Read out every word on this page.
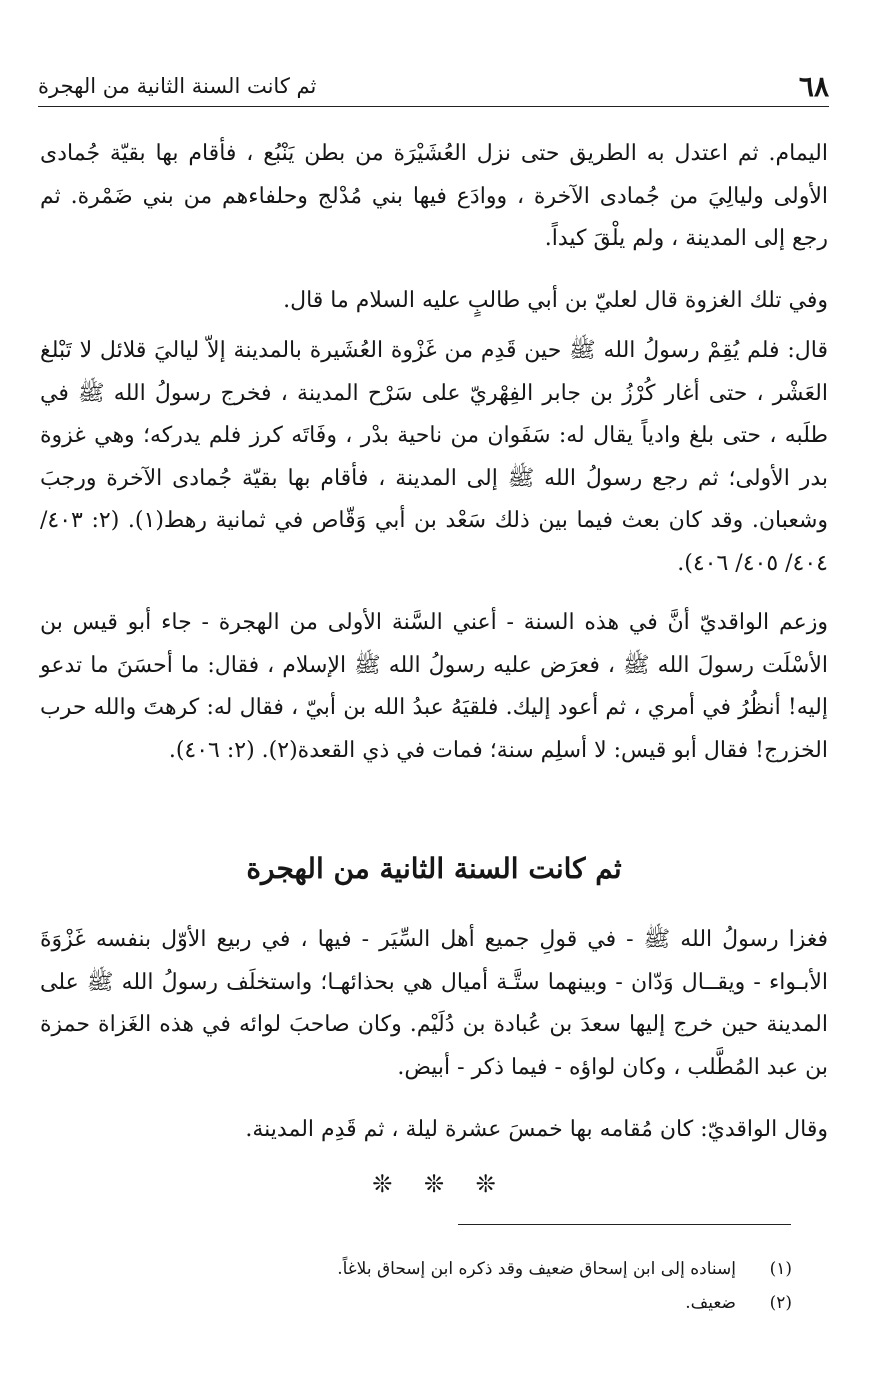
٦٨
ثم كانت السنة الثانية من الهجرة
اليمام. ثم اعتدل به الطريق حتى نزل العُشَيْرَة من بطن يَنْبُع ، فأقام بها بقيّة جُمادى الأولى وليالِيَ من جُمادى الآخرة ، ووادَع فيها بني مُدْلج وحلفاءهم من بني ضَمْرة. ثم رجع إلى المدينة ، ولم يلْقَ كيداً.
وفي تلك الغزوة قال لعليّ بن أبي طالبٍ عليه السلام ما قال.
قال: فلم يُقِمْ رسولُ الله ﷺ حين قَدِم من غَزْوة العُشَيرة بالمدينة إلاّ لياليَ قلائل لا تَبْلغ العَشْر ، حتى أغار كُرْزُ بن جابر الفِهْريّ على سَرْح المدينة ، فخرج رسولُ الله ﷺ في طلَبه ، حتى بلغ وادياً يقال له: سَفَوان من ناحية بدْر ، وفَاتَه كرز فلم يدركه؛ وهي غزوة بدر الأولى؛ ثم رجع رسولُ الله ﷺ إلى المدينة ، فأقام بها بقيّة جُمادى الآخرة ورجبَ وشعبان. وقد كان بعث فيما بين ذلك سَعْد بن أبي وَقّاص في ثمانية رهط(١). (٢: ٤٠٣/ ٤٠٤/ ٤٠٥/ ٤٠٦).
وزعم الواقديّ أنَّ في هذه السنة - أعني السَّنة الأولى من الهجرة - جاء أبو قيس بن الأسْلَت رسولَ الله ﷺ ، فعرَض عليه رسولُ الله ﷺ الإسلام ، فقال: ما أحسَنَ ما تدعو إليه! أنظُرُ في أمري ، ثم أعود إليك. فلقيَهُ عبدُ الله بن أبيّ ، فقال له: كرهتَ والله حرب الخزرج! فقال أبو قيس: لا أسلِم سنة؛ فمات في ذي القعدة(٢). (٢: ٤٠٦).
ثم كانت السنة الثانية من الهجرة
فغزا رسولُ الله ﷺ - في قولِ جميع أهل السِّيَر - فيها ، في ربيع الأوّل بنفسه غَزْوَةَ الأبـواء - ويقــال وَدّان - وبينهما ستَّـة أميال هي بحذائهـا؛ واستخلَف رسولُ الله ﷺ على المدينة حين خرج إليها سعدَ بن عُبادة بن دُلَيْم. وكان صاحبَ لوائه في هذه الغَزاة حمزة بن عبد المُطَّلب ، وكان لواؤه - فيما ذكر - أبيض.
وقال الواقديّ: كان مُقامه بها خمسَ عشرة ليلة ، ثم قَدِم المدينة.
❊ ❊ ❊
(١)
إسناده إلى ابن إسحاق ضعيف وقد ذكره ابن إسحاق بلاغاً.
(٢)
ضعيف.
